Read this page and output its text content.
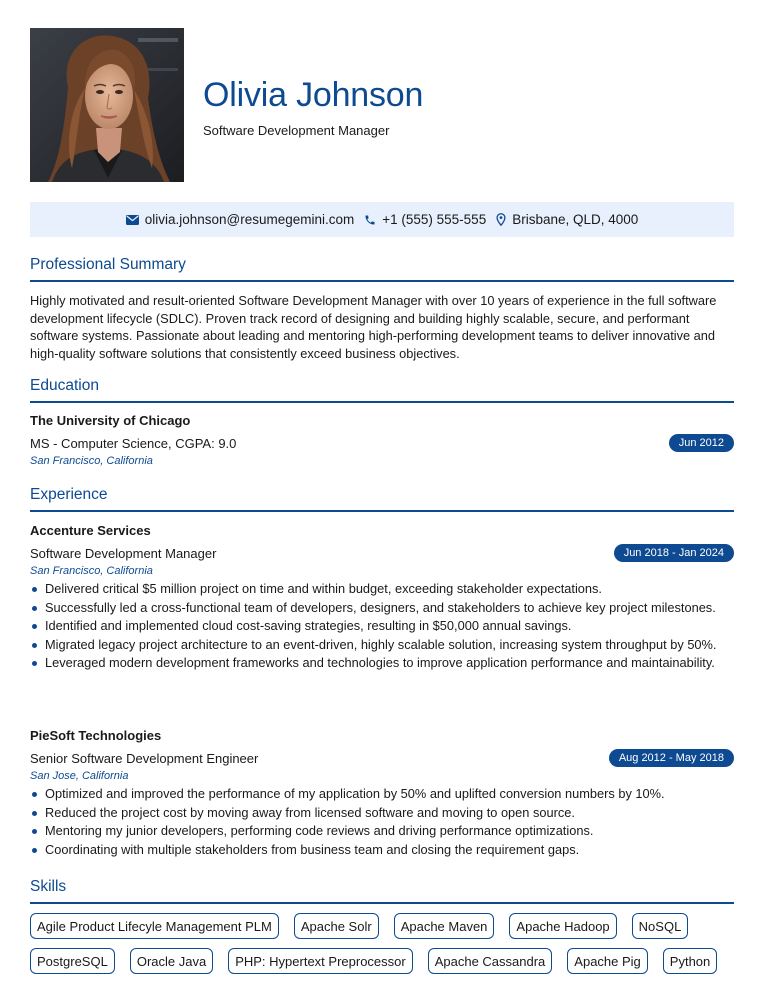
Olivia Johnson
Software Development Manager
olivia.johnson@resumegemini.com +1 (555) 555-555 Brisbane, QLD, 4000
Professional Summary

Highly motivated and result-oriented Software Development Manager with over 10 years of experience in the full software development lifecycle (SDLC). Proven track record of designing and building highly scalable, secure, and performant software systems. Passionate about leading and mentoring high-performing development teams to deliver innovative and high-quality software solutions that consistently exceed business objectives.

Education
The University of Chicago
MS - Computer Science, CGPA: 9.0	Jun 2012
San Francisco, California
Experience
Accenture Services
Software Development Manager	Jun 2018 - Jan 2024
San Francisco, California
Delivered critical $5 million project on time and within budget, exceeding stakeholder expectations.
Successfully led a cross-functional team of developers, designers, and stakeholders to achieve key project milestones.
Identified and implemented cloud cost-saving strategies, resulting in $50,000 annual savings.
Migrated legacy project architecture to an event-driven, highly scalable solution, increasing system throughput by 50%.
Leveraged modern development frameworks and technologies to improve application performance and maintainability.
PieSoft Technologies
Senior Software Development Engineer	Aug 2012 - May 2018
San Jose, California
Optimized and improved the performance of my application by 50% and uplifted conversion numbers by 10%.
Reduced the project cost by moving away from licensed software and moving to open source.
Mentoring my junior developers, performing code reviews and driving performance optimizations.
Coordinating with multiple stakeholders from business team and closing the requirement gaps.
Skills
Agile Product Lifecyle Management PLM	Apache Solr	Apache Maven	Apache Hadoop	NoSQL
PostgreSQL	Oracle Java	PHP: Hypertext Preprocessor	Apache Cassandra	Apache Pig	Python
